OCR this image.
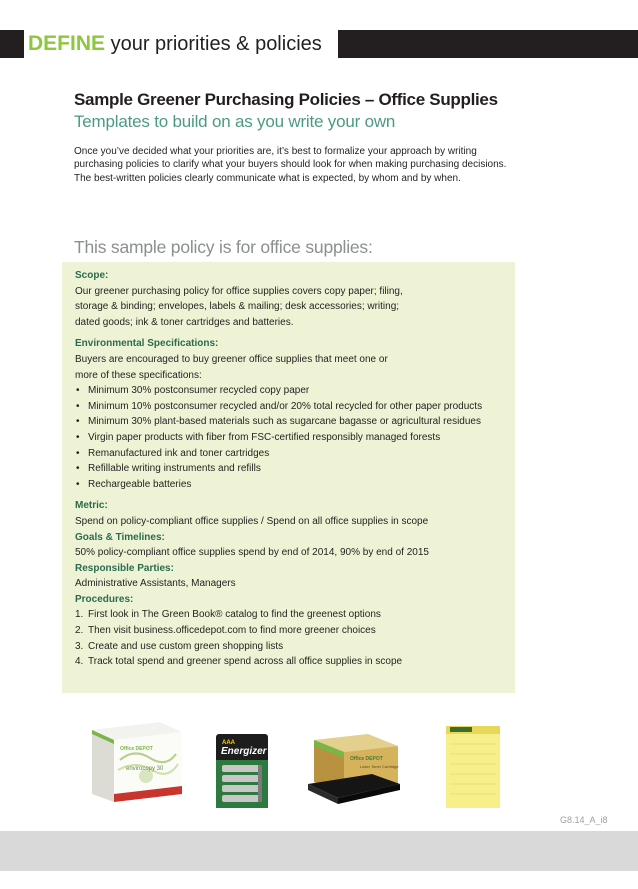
DEFINE your priorities & policies
Sample Greener Purchasing Policies – Office Supplies
Templates to build on as you write your own
Once you’ve decided what your priorities are, it’s best to formalize your approach by writing
purchasing policies to clarify what your buyers should look for when making purchasing decisions.
The best-written policies clearly communicate what is expected, by whom and by when.
This sample policy is for office supplies:
Scope:
Our greener purchasing policy for office supplies covers copy paper; filing,
storage & binding; envelopes, labels & mailing; desk accessories; writing;
dated goods; ink & toner cartridges and batteries.
Environmental Specifications:
Buyers are encouraged to buy greener office supplies that meet one or
more of these specifications:
• Minimum 30% postconsumer recycled copy paper
• Minimum 10% postconsumer recycled and/or 20% total recycled for other paper products
• Minimum 30% plant-based materials such as sugarcane bagasse or agricultural residues
• Virgin paper products with fiber from FSC-certified responsibly managed forests
• Remanufactured ink and toner cartridges
• Refillable writing instruments and refills
• Rechargeable batteries
Metric:
Spend on policy-compliant office supplies / Spend on all office supplies in scope
Goals & Timelines:
50% policy-compliant office supplies spend by end of 2014, 90% by end of 2015
Responsible Parties:
Administrative Assistants, Managers
Procedures:
1. First look in The Green Book® catalog to find the greenest options
2. Then visit business.officedepot.com to find more greener choices
3. Create and use custom green shopping lists
4. Track total spend and greener spend across all office supplies in scope
Office DEPOT
envirocopy 30
AAA
Energizer
Office DEPOT
Laser Toner Cartridge
G8.14_A_i8
